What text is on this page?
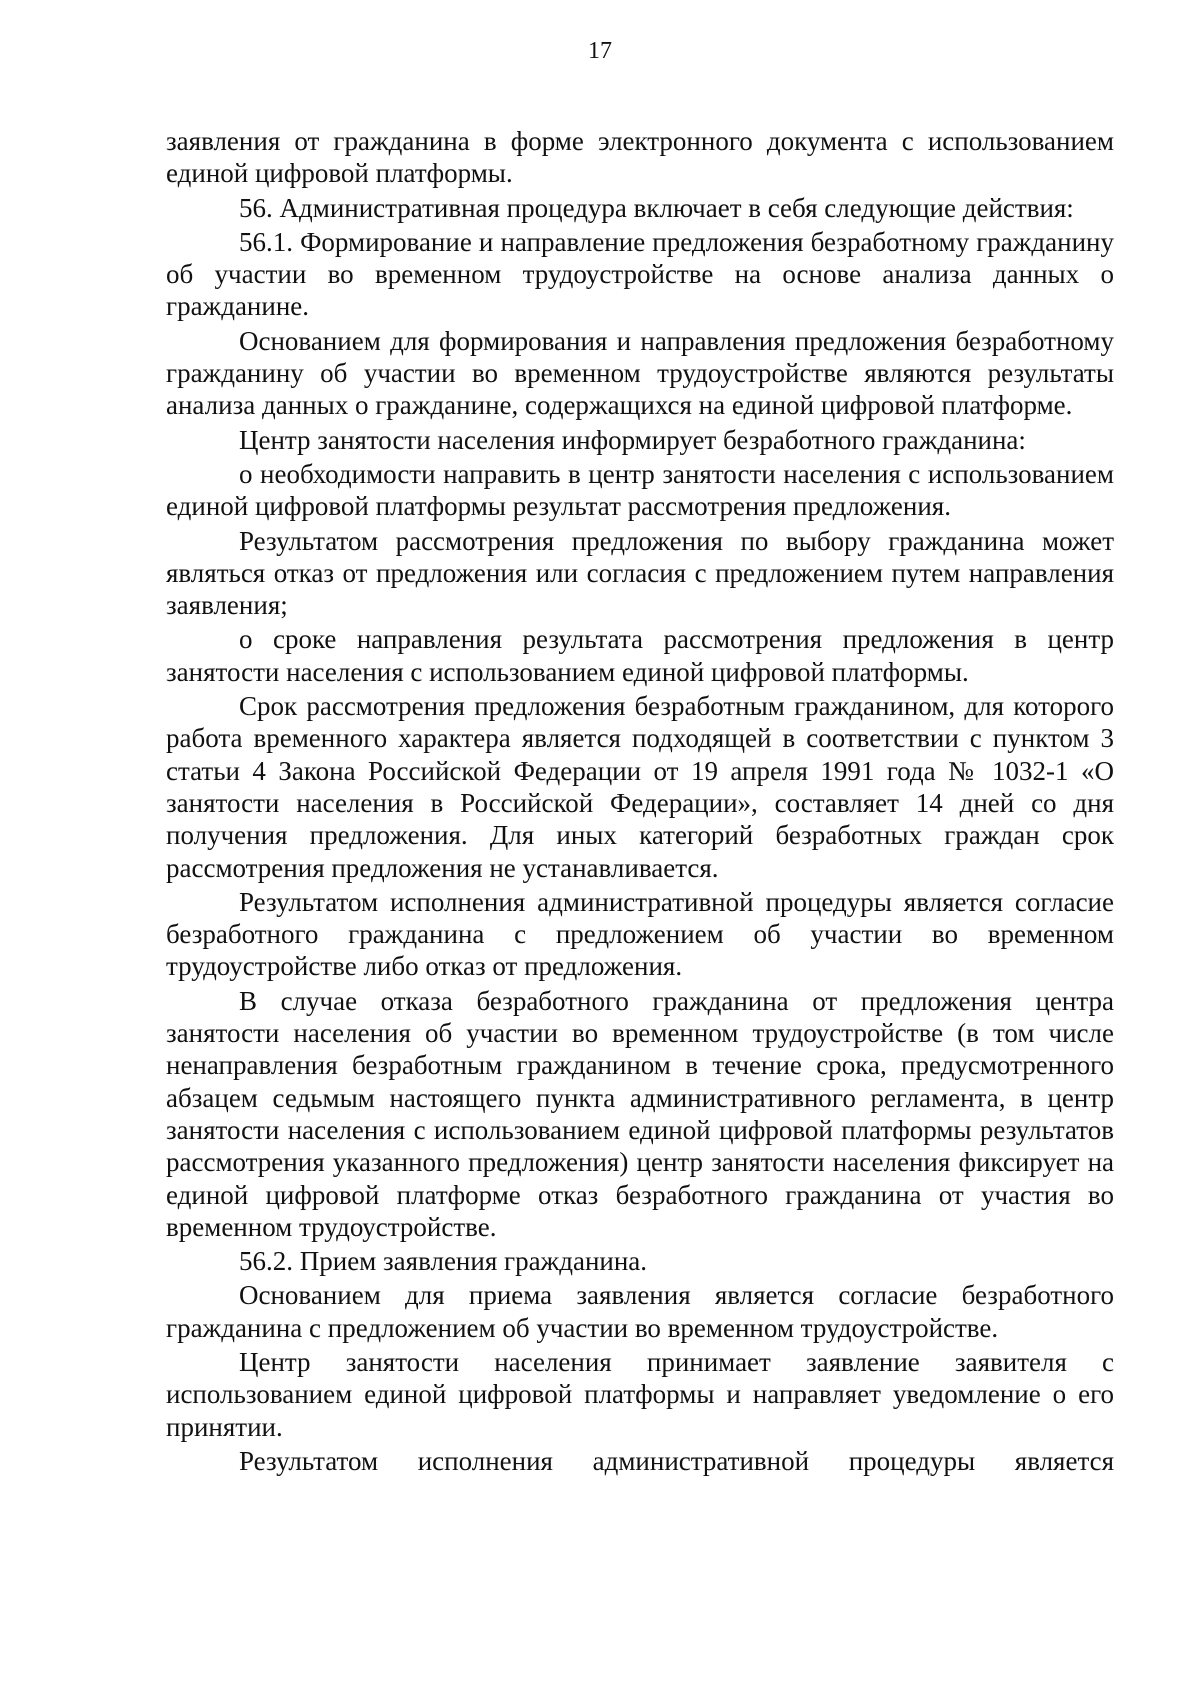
17

заявления от гражданина в форме электронного документа с использованием единой цифровой платформы.

56. Административная процедура включает в себя следующие действия:

56.1. Формирование и направление предложения безработному гражданину об участии во временном трудоустройстве на основе анализа данных о гражданине.

Основанием для формирования и направления предложения безработному гражданину об участии во временном трудоустройстве являются результаты анализа данных о гражданине, содержащихся на единой цифровой платформе.

Центр занятости населения информирует безработного гражданина:

о необходимости направить в центр занятости населения с использованием единой цифровой платформы результат рассмотрения предложения.

Результатом рассмотрения предложения по выбору гражданина может являться отказ от предложения или согласия с предложением путем направления заявления;

о сроке направления результата рассмотрения предложения в центр занятости населения с использованием единой цифровой платформы.

Срок рассмотрения предложения безработным гражданином, для которого работа временного характера является подходящей в соответствии с пунктом 3 статьи 4 Закона Российской Федерации от 19 апреля 1991 года № 1032-1 «О занятости населения в Российской Федерации», составляет 14 дней со дня получения предложения. Для иных категорий безработных граждан срок рассмотрения предложения не устанавливается.

Результатом исполнения административной процедуры является согласие безработного гражданина с предложением об участии во временном трудоустройстве либо отказ от предложения.

В случае отказа безработного гражданина от предложения центра занятости населения об участии во временном трудоустройстве (в том числе ненаправления безработным гражданином в течение срока, предусмотренного абзацем седьмым настоящего пункта административного регламента, в центр занятости населения с использованием единой цифровой платформы результатов рассмотрения указанного предложения) центр занятости населения фиксирует на единой цифровой платформе отказ безработного гражданина от участия во временном трудоустройстве.

56.2. Прием заявления гражданина.

Основанием для приема заявления является согласие безработного гражданина с предложением об участии во временном трудоустройстве.

Центр занятости населения принимает заявление заявителя с использованием единой цифровой платформы и направляет уведомление о его принятии.

Результатом исполнения административной процедуры является
